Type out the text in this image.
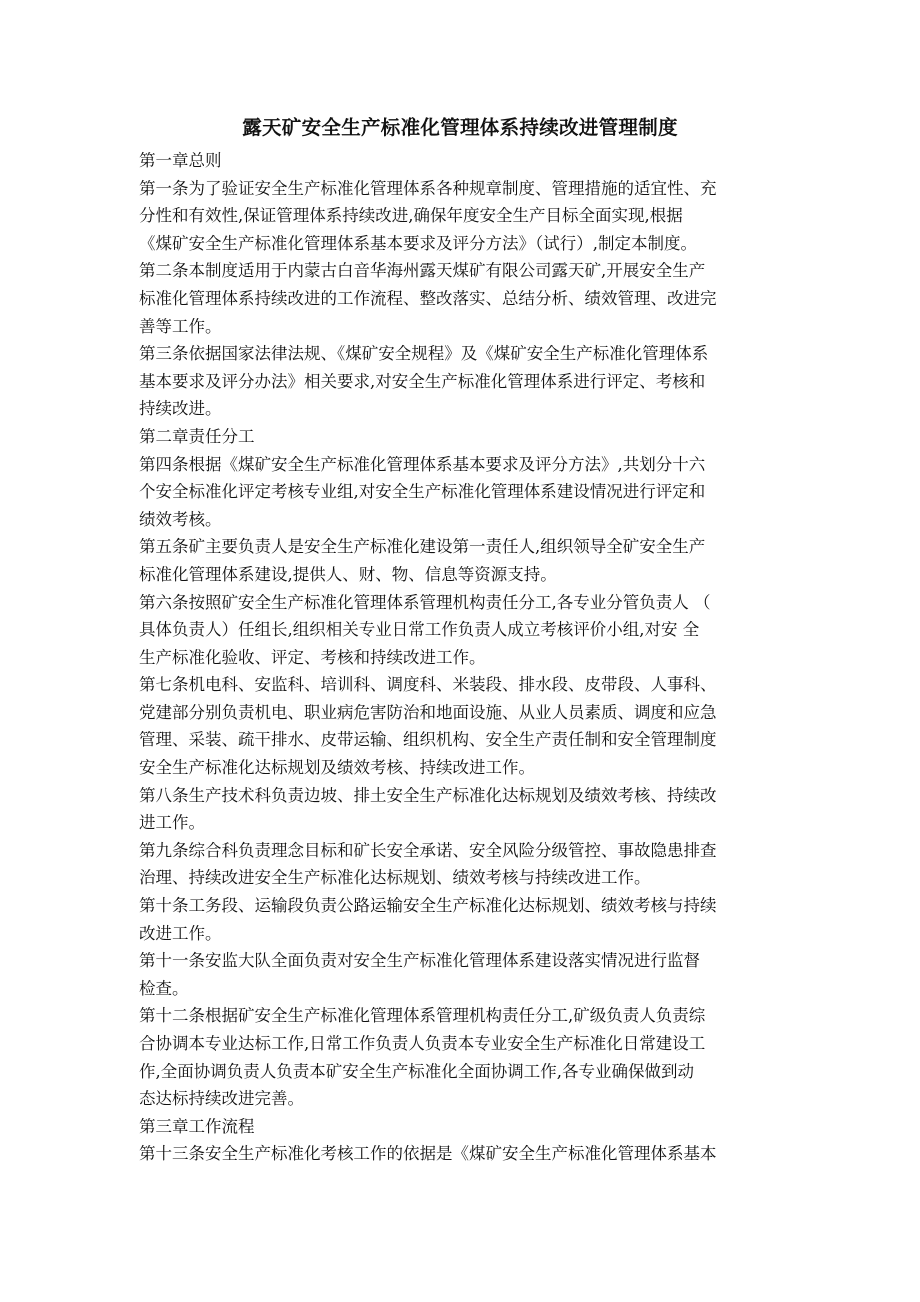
露天矿安全生产标准化管理体系持续改进管理制度
第一章总则
第一条为了验证安全生产标准化管理体系各种规章制度、管理措施的适宜性、充
分性和有效性,保证管理体系持续改进,确保年度安全生产目标全面实现,根据
《煤矿安全生产标准化管理体系基本要求及评分方法》（试行）,制定本制度。
第二条本制度适用于内蒙古白音华海州露天煤矿有限公司露天矿,开展安全生产
标准化管理体系持续改进的工作流程、整改落实、总结分析、绩效管理、改进完
善等工作。
第三条依据国家法律法规、《煤矿安全规程》及《煤矿安全生产标准化管理体系
基本要求及评分办法》相关要求,对安全生产标准化管理体系进行评定、考核和
持续改进。
第二章责任分工
第四条根据《煤矿安全生产标准化管理体系基本要求及评分方法》,共划分十六
个安全标准化评定考核专业组,对安全生产标准化管理体系建设情况进行评定和
绩效考核。
第五条矿主要负责人是安全生产标准化建设第一责任人,组织领导全矿安全生产
标准化管理体系建设,提供人、财、物、信息等资源支持。
第六条按照矿安全生产标准化管理体系管理机构责任分工,各专业分管负责人 （
具体负责人）任组长,组织相关专业日常工作负责人成立考核评价小组,对安 全
生产标准化验收、评定、考核和持续改进工作。
第七条机电科、安监科、培训科、调度科、米装段、排水段、皮带段、人事科、
党建部分别负责机电、职业病危害防治和地面设施、从业人员素质、调度和应急
管理、采装、疏干排水、皮带运输、组织机构、安全生产责任制和安全管理制度
安全生产标准化达标规划及绩效考核、持续改进工作。
第八条生产技术科负责边坡、排土安全生产标准化达标规划及绩效考核、持续改
进工作。
第九条综合科负责理念目标和矿长安全承诺、安全风险分级管控、事故隐患排查
治理、持续改进安全生产标准化达标规划、绩效考核与持续改进工作。
第十条工务段、运输段负责公路运输安全生产标准化达标规划、绩效考核与持续
改进工作。
第十一条安监大队全面负责对安全生产标准化管理体系建设落实情况进行监督
检查。
第十二条根据矿安全生产标准化管理体系管理机构责任分工,矿级负责人负责综
合协调本专业达标工作,日常工作负责人负责本专业安全生产标准化日常建设工
作,全面协调负责人负责本矿安全生产标准化全面协调工作,各专业确保做到动
态达标持续改进完善。
第三章工作流程
第十三条安全生产标准化考核工作的依据是《煤矿安全生产标准化管理体系基本
